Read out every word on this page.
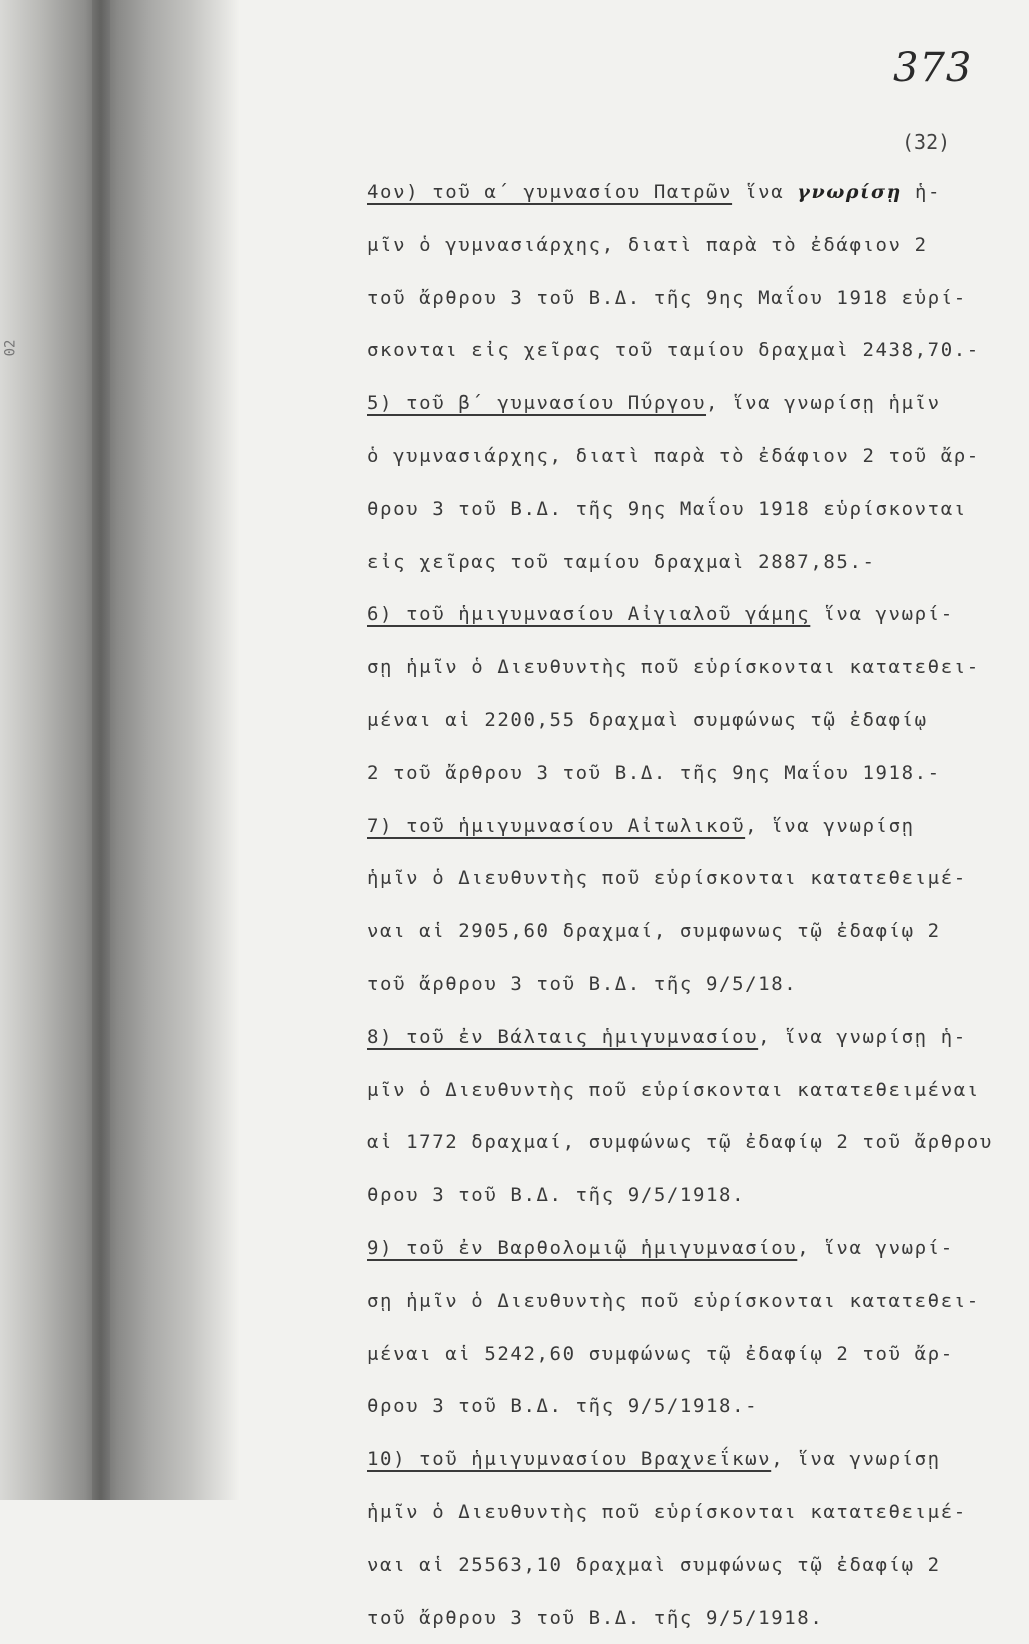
02
373
(32)
4ον) τοῦ α΄ γυμνασίου Πατρῶν ἵνα γνωρίσῃ ἡ-
μῖν ὁ γυμνασιάρχης, διατὶ παρὰ τὸ ἐδάφιον 2
τοῦ ἄρθρου 3 τοῦ Β.Δ. τῆς 9ης Μαΐου 1918 εὑρί-
σκονται εἰς χεῖρας τοῦ ταμίου δραχμαὶ 2438,70.-
5) τοῦ β΄ γυμνασίου Πύργου, ἵνα γνωρίσῃ ἡμῖν
ὁ γυμνασιάρχης, διατὶ παρὰ τὸ ἐδάφιον 2 τοῦ ἄρ-
θρου 3 τοῦ Β.Δ. τῆς 9ης Μαΐου 1918 εὑρίσκονται
εἰς χεῖρας τοῦ ταμίου δραχμαὶ 2887,85.-
6) τοῦ ἡμιγυμνασίου Αἰγιαλοῦ γάμης ἵνα γνωρί-
σῃ ἡμῖν ὁ Διευθυντὴς ποῦ εὑρίσκονται κατατεθει-
μέναι αἱ 2200,55 δραχμαὶ συμφώνως τῷ ἐδαφίῳ
2 τοῦ ἄρθρου 3 τοῦ Β.Δ. τῆς 9ης Μαΐου 1918.-
7) τοῦ ἡμιγυμνασίου Αἰτωλικοῦ, ἵνα γνωρίσῃ
ἡμῖν ὁ Διευθυντὴς ποῦ εὑρίσκονται κατατεθειμέ-
ναι αἱ 2905,60 δραχμαί, συμφωνως τῷ ἐδαφίῳ 2
τοῦ ἄρθρου 3 τοῦ Β.Δ. τῆς 9/5/18.
8) τοῦ ἐν Βάλταις ἡμιγυμνασίου, ἵνα γνωρίσῃ ἡ-
μῖν ὁ Διευθυντὴς ποῦ εὑρίσκονται κατατεθειμέναι
αἱ 1772 δραχμαί, συμφώνως τῷ ἐδαφίῳ 2 τοῦ ἄρθρου
θρου 3 τοῦ Β.Δ. τῆς 9/5/1918.
9) τοῦ ἐν Βαρθολομιῷ ἡμιγυμνασίου, ἵνα γνωρί-
σῃ ἡμῖν ὁ Διευθυντὴς ποῦ εὑρίσκονται κατατεθει-
μέναι αἱ 5242,60 συμφώνως τῷ ἐδαφίῳ 2 τοῦ ἄρ-
θρου 3 τοῦ Β.Δ. τῆς 9/5/1918.-
10) τοῦ ἡμιγυμνασίου Βραχνεΐκων, ἵνα γνωρίσῃ
ἡμῖν ὁ Διευθυντὴς ποῦ εὑρίσκονται κατατεθειμέ-
ναι αἱ 25563,10 δραχμαὶ συμφώνως τῷ ἐδαφίῳ 2
τοῦ ἄρθρου 3 τοῦ Β.Δ. τῆς 9/5/1918.
